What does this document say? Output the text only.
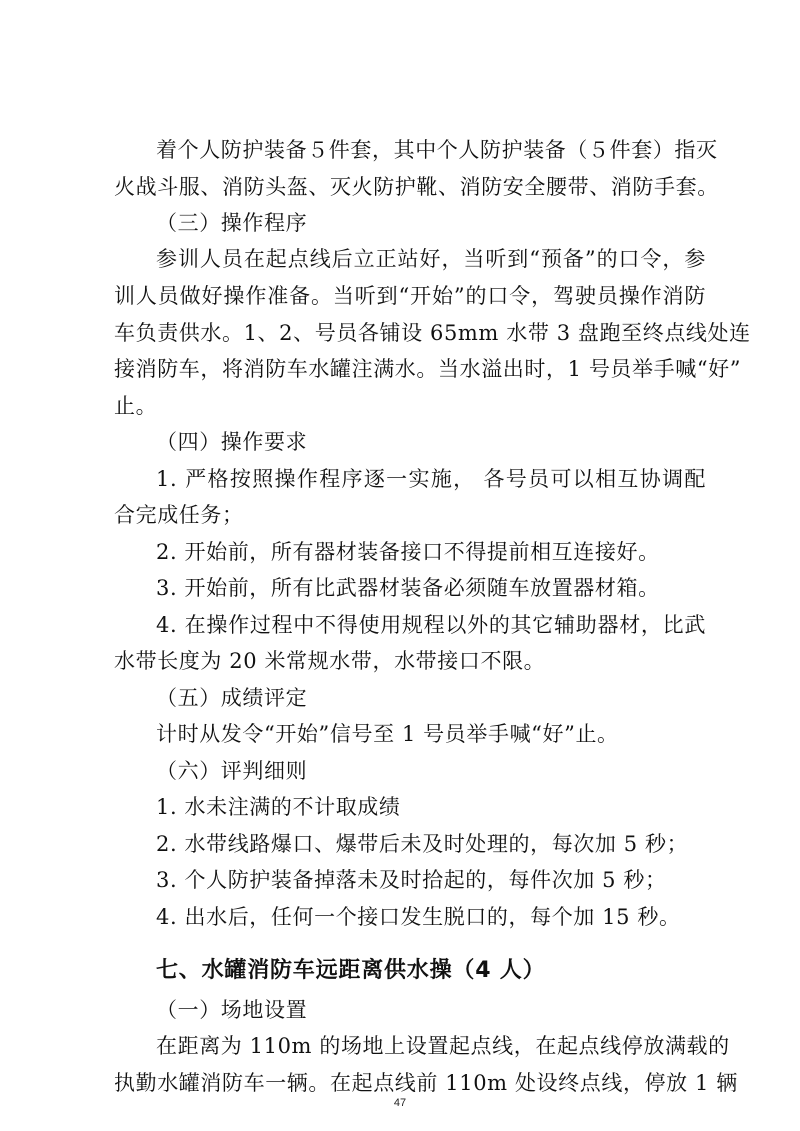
着个人防护装备５件套，其中个人防护装备（５件套）指灭
火战斗服、消防头盔、灭火防护靴、消防安全腰带、消防手套。
（三）操作程序
参训人员在起点线后立正站好，当听到“预备”的口令，参
训人员做好操作准备。当听到“开始”的口令，驾驶员操作消防
车负责供水。1、2、号员各铺设 65mm 水带 3 盘跑至终点线处连
接消防车，将消防车水罐注满水。当水溢出时，1 号员举手喊“好”
止。
（四）操作要求
1. 严格按照操作程序逐一实施， 各号员可以相互协调配
合完成任务；
2. 开始前，所有器材装备接口不得提前相互连接好。
3. 开始前，所有比武器材装备必须随车放置器材箱。
4. 在操作过程中不得使用规程以外的其它辅助器材，比武
水带长度为 20 米常规水带，水带接口不限。
（五）成绩评定
计时从发令“开始”信号至 1 号员举手喊“好”止。
（六）评判细则
1. 水未注满的不计取成绩
2. 水带线路爆口、爆带后未及时处理的，每次加 5 秒；
3. 个人防护装备掉落未及时拾起的，每件次加 5 秒；
4. 出水后，任何一个接口发生脱口的，每个加 15 秒。
七、水罐消防车远距离供水操（4 人）
（一）场地设置
在距离为 110m 的场地上设置起点线，在起点线停放满载的
执勤水罐消防车一辆。在起点线前 110m 处设终点线，停放 1 辆
47
